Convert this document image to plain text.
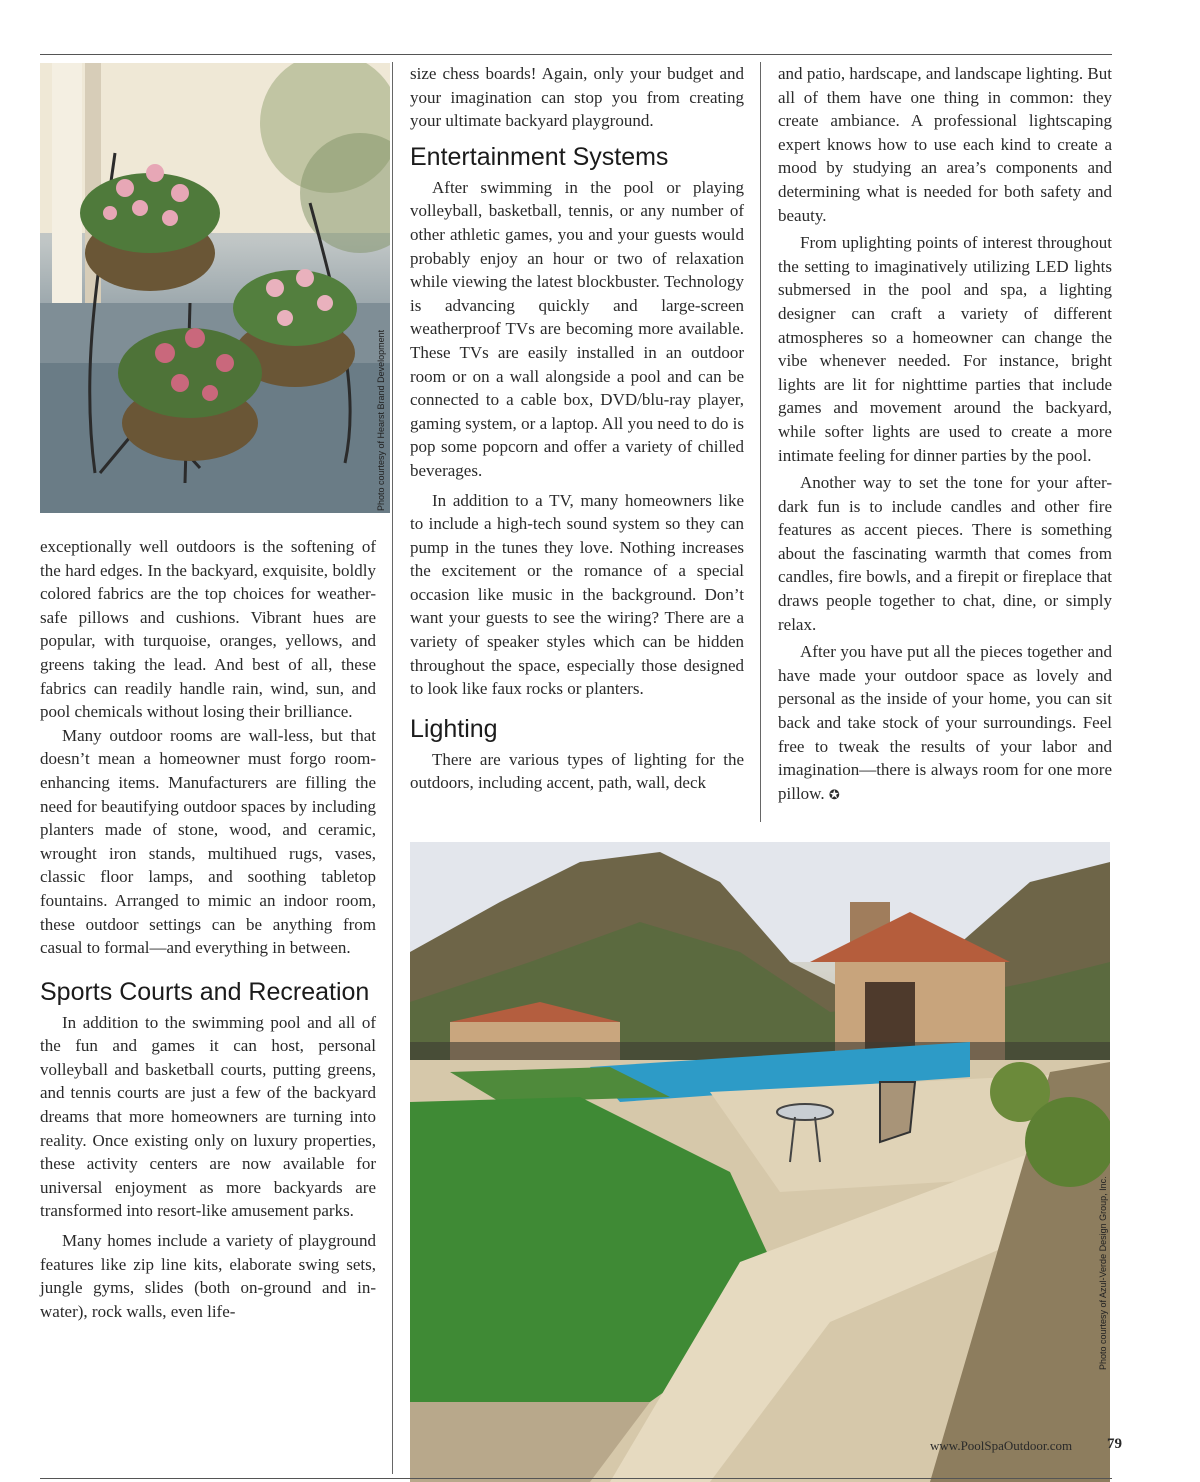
Photo courtesy of Hearst Brand Development

exceptionally well outdoors is the softening of the hard edges. In the backyard, exquisite, boldly colored fabrics are the top choices for weather-safe pillows and cushions. Vibrant hues are popular, with turquoise, oranges, yellows, and greens taking the lead. And best of all, these fabrics can readily handle rain, wind, sun, and pool chemicals without losing their brilliance.

Many outdoor rooms are wall-less, but that doesn’t mean a homeowner must forgo room-enhancing items. Manufacturers are filling the need for beautifying outdoor spaces by including planters made of stone, wood, and ceramic, wrought iron stands, multihued rugs, vases, classic floor lamps, and soothing tabletop fountains. Arranged to mimic an indoor room, these outdoor settings can be anything from casual to formal—and everything in between.

Sports Courts and Recreation

In addition to the swimming pool and all of the fun and games it can host, personal volleyball and basketball courts, putting greens, and tennis courts are just a few of the backyard dreams that more homeowners are turning into reality. Once existing only on luxury properties, these activity centers are now available for universal enjoyment as more backyards are transformed into resort-like amusement parks.

Many homes include a variety of playground features like zip line kits, elaborate swing sets, jungle gyms, slides (both on-ground and in-water), rock walls, even life-

size chess boards! Again, only your budget and your imagination can stop you from creating your ultimate backyard playground.

Entertainment Systems

After swimming in the pool or playing volleyball, basketball, tennis, or any number of other athletic games, you and your guests would probably enjoy an hour or two of relaxation while viewing the latest blockbuster. Technology is advancing quickly and large-screen weatherproof TVs are becoming more available. These TVs are easily installed in an outdoor room or on a wall alongside a pool and can be connected to a cable box, DVD/blu-ray player, gaming system, or a laptop. All you need to do is pop some popcorn and offer a variety of chilled beverages.

In addition to a TV, many homeowners like to include a high-tech sound system so they can pump in the tunes they love. Nothing increases the excitement or the romance of a special occasion like music in the background. Don’t want your guests to see the wiring? There are a variety of speaker styles which can be hidden throughout the space, especially those designed to look like faux rocks or planters.

Lighting

There are various types of lighting for the outdoors, including accent, path, wall, deck

and patio, hardscape, and landscape lighting. But all of them have one thing in common: they create ambiance. A professional lightscaping expert knows how to use each kind to create a mood by studying an area’s components and determining what is needed for both safety and beauty.

From uplighting points of interest throughout the setting to imaginatively utilizing LED lights submersed in the pool and spa, a lighting designer can craft a variety of different atmospheres so a homeowner can change the vibe whenever needed. For instance, bright lights are lit for nighttime parties that include games and movement around the backyard, while softer lights are used to create a more intimate feeling for dinner parties by the pool.

Another way to set the tone for your after-dark fun is to include candles and other fire features as accent pieces. There is something about the fascinating warmth that comes from candles, fire bowls, and a firepit or fireplace that draws people together to chat, dine, or simply relax.

After you have put all the pieces together and have made your outdoor space as lovely and personal as the inside of your home, you can sit back and take stock of your surroundings. Feel free to tweak the results of your labor and imagination—there is always room for one more pillow. ✪

Photo courtesy of Azul-Verde Design Group, Inc.
www.PoolSpaOutdoor.com 79
